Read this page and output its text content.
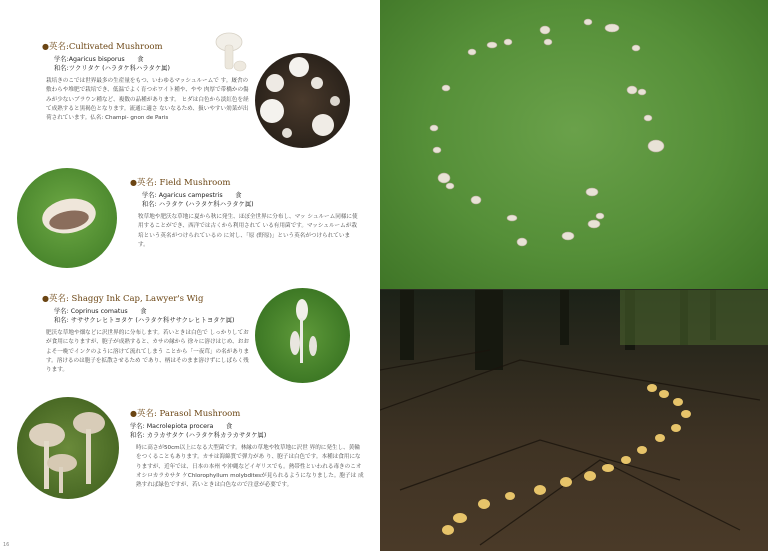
●英名:Cultivated Mushroom
学名:Agaricus bisporus　　食
和名:ツクリタケ (ハラタケ科ハラタケ属)
栽培きのこでは世界最多の生産量をもつ、いわゆるマッシュルームで す。厩舎の敷わらや堆肥で栽培でき、低温でよく育つホワイト種や、やや 肉厚で带橋かの傷みが少ないブラウン種など、複数の品種があります。 ヒダは白色から淡紅色を経て成熟すると黒褐色となります。流通に適さ ないなるため、扱いやすい効菜が出荷されています。仏名: Champi- gnon de Paris
●英名: Field Mushroom
学名: Agaricus campestris　　食
和名: ハラタケ (ハラタケ科ハラタケ属)
牧草地や肥沃な草地に夏から秋に発生、ほぼ全世界に分布し、マッ シュルーム同様に使用することができ、西洋では古くから利用されて いる有用菌です。マッシュルームが栽培という英名がつけられているの に対し、「原 (野原)」という英名がつけられています。
●英名: Shaggy Ink Cap, Lawyer's Wig
学名: Coprinus comatus　　食
和名: サササクレヒトヨタケ (ハラタケ科ササクレヒトヨタケ属)
肥沃な草地や畑などに沢世界的に分布します。若いときは白色で しっかりしておが食用になりますが、胞子が成熟すると、カサの縁から 徐々に溶けはじめ、おおよそ一晩でインクのように溶けて流れてしまう ことから「一夜茸」の名があります。溶けるのは胞子を拡散させるため であり、柄はそのまま溶けずにしばらく残ります。
●英名: Parasol Mushroom
学名: Macrolepiota procera　　食
和名: カラカサタケ (ハラタケ科カラカサタケ属)
時に高さが50cm以上になる大型菌です。林縁の草地や牧草地に沢世 界的に発生し、黄輪をつくることもあります。カサは海綿質で弾力があ り、胞子は白色です。本種は食用になりますが、近年では、日本の本州 や沖縄などイギリスでも。熱帯性といわれる毒きのこオオシロカラカサタ ケChlorophyllum molybditesが見られるようになりました。胞子は 成熟すれば緑色ですが、若いときは白色なので注意が必要です。
16
